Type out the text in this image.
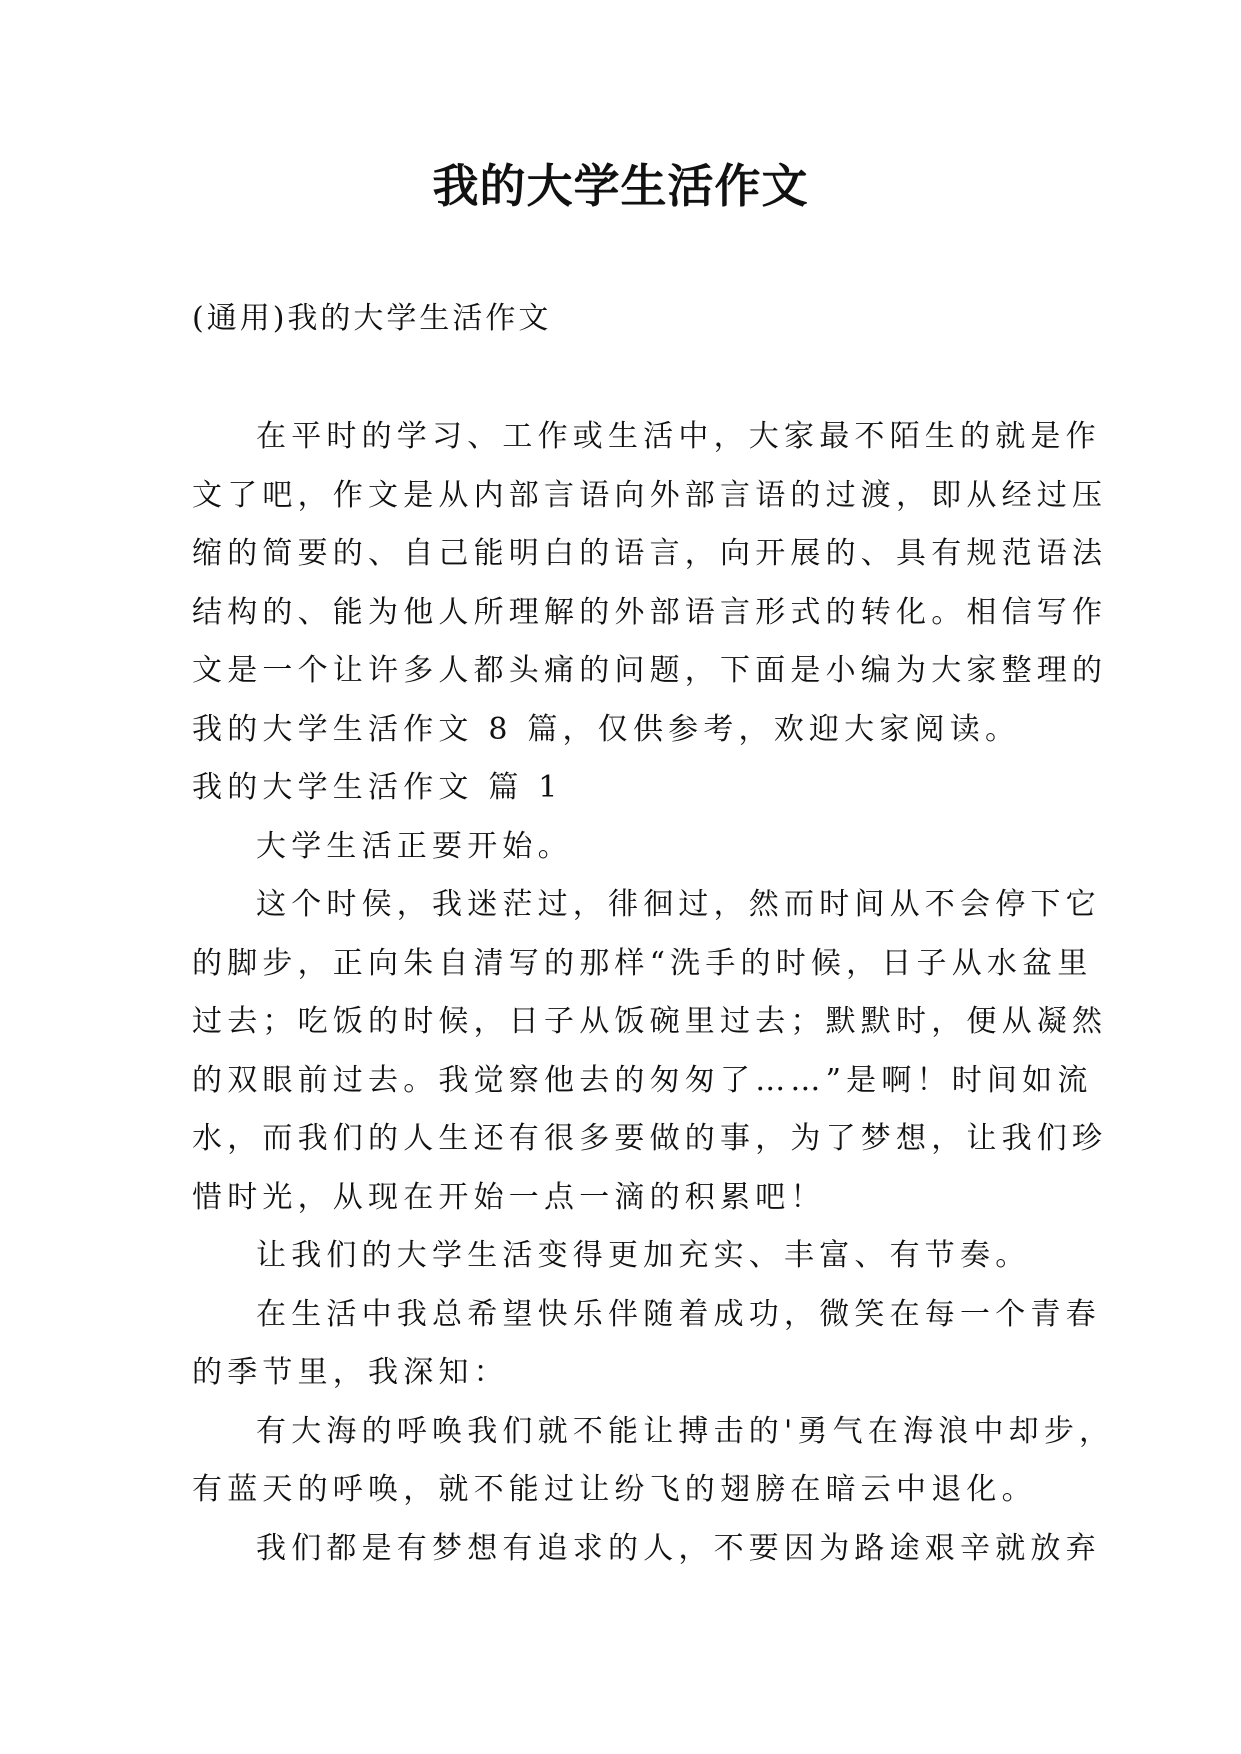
我的大学生活作文

(通用)我的大学生活作文

在平时的学习、工作或生活中，大家最不陌生的就是作

文了吧，作文是从内部言语向外部言语的过渡，即从经过压

缩的简要的、自己能明白的语言，向开展的、具有规范语法

结构的、能为他人所理解的外部语言形式的转化。相信写作

文是一个让许多人都头痛的问题，下面是小编为大家整理的

我的大学生活作文 8 篇，仅供参考，欢迎大家阅读。

我的大学生活作文 篇 1

大学生活正要开始。

这个时侯，我迷茫过，徘徊过，然而时间从不会停下它

的脚步，正向朱自清写的那样“洗手的时候，日子从水盆里

过去；吃饭的时候，日子从饭碗里过去；默默时，便从凝然

的双眼前过去。我觉察他去的匆匆了……”是啊！时间如流

水，而我们的人生还有很多要做的事，为了梦想，让我们珍

惜时光，从现在开始一点一滴的积累吧！

让我们的大学生活变得更加充实、丰富、有节奏。

在生活中我总希望快乐伴随着成功，微笑在每一个青春

的季节里，我深知：

有大海的呼唤我们就不能让搏击的'勇气在海浪中却步，

有蓝天的呼唤，就不能过让纷飞的翅膀在暗云中退化。

我们都是有梦想有追求的人，不要因为路途艰辛就放弃
